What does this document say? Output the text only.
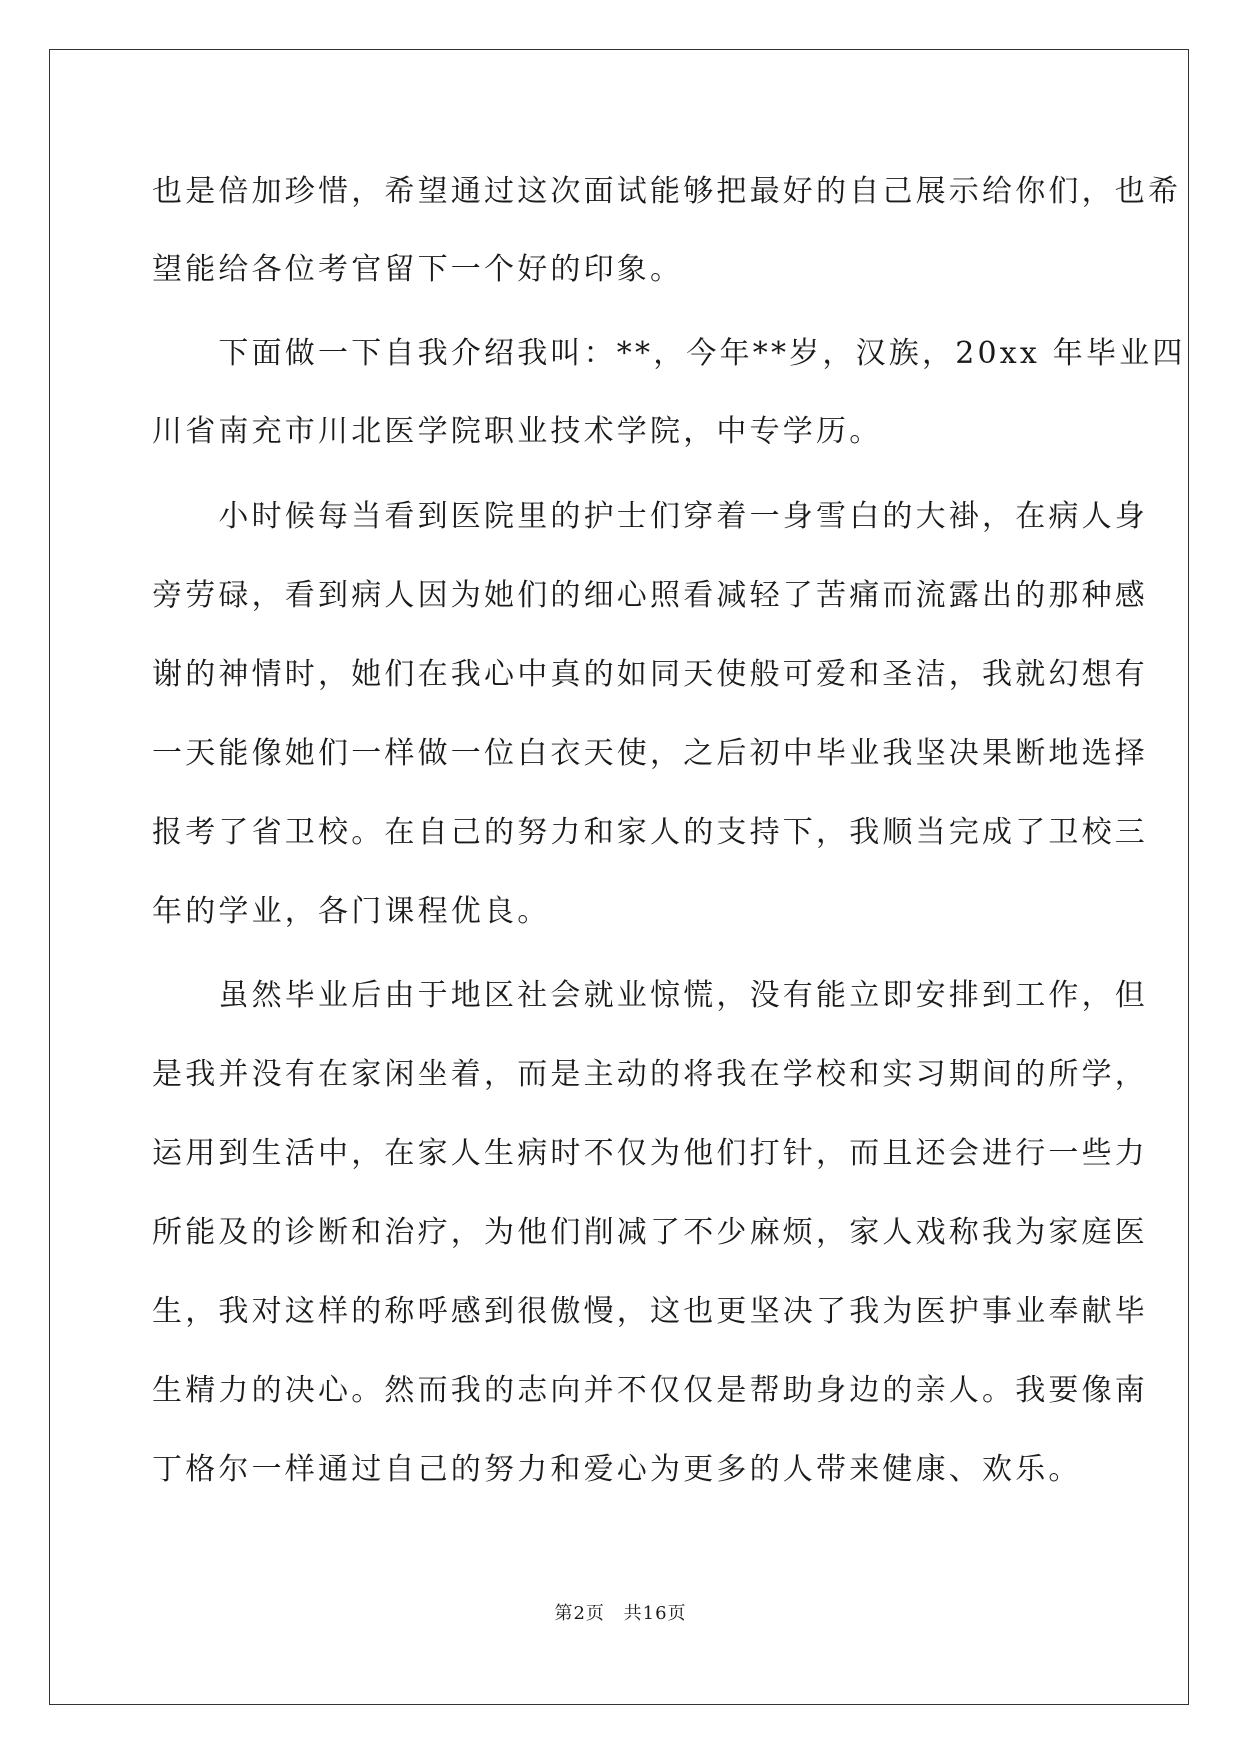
也是倍加珍惜，希望通过这次面试能够把最好的自己展示给你们，也希
望能给各位考官留下一个好的印象。
　　下面做一下自我介绍我叫：**，今年**岁，汉族，20xx 年毕业四
川省南充市川北医学院职业技术学院，中专学历。
　　小时候每当看到医院里的护士们穿着一身雪白的大褂，在病人身
旁劳碌，看到病人因为她们的细心照看减轻了苦痛而流露出的那种感
谢的神情时，她们在我心中真的如同天使般可爱和圣洁，我就幻想有
一天能像她们一样做一位白衣天使，之后初中毕业我坚决果断地选择
报考了省卫校。在自己的努力和家人的支持下，我顺当完成了卫校三
年的学业，各门课程优良。
　　虽然毕业后由于地区社会就业惊慌，没有能立即安排到工作，但
是我并没有在家闲坐着，而是主动的将我在学校和实习期间的所学，
运用到生活中，在家人生病时不仅为他们打针，而且还会进行一些力
所能及的诊断和治疗，为他们削减了不少麻烦，家人戏称我为家庭医
生，我对这样的称呼感到很傲慢，这也更坚决了我为医护事业奉献毕
生精力的决心。然而我的志向并不仅仅是帮助身边的亲人。我要像南
丁格尔一样通过自己的努力和爱心为更多的人带来健康、欢乐。
第2页 共16页
